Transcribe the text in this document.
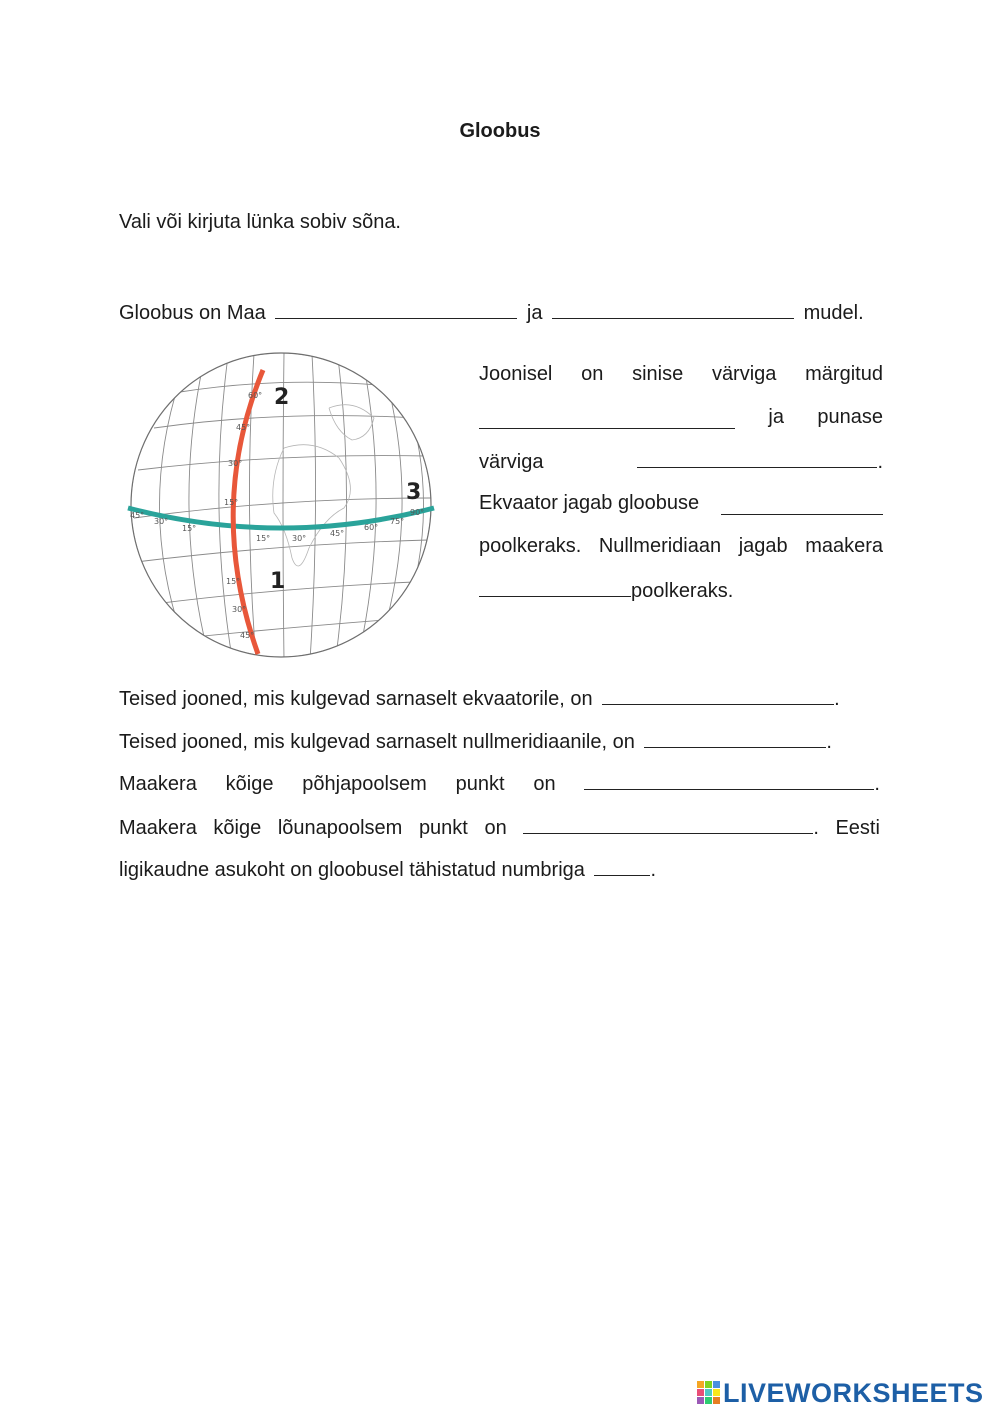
Gloobus
Vali või kirjuta lünka sobiv sõna.
Gloobus on Maa	ja	mudel.
2
3
1
60°
45°
30°
15°
30°
45°
15°
45°
30°
15°
15°	30°
45°
60°
75°
90°
Joonisel on sinise värviga märgitud
ja punase
värviga	.
Ekvaator jagab gloobuse
poolkeraks. Nullmeridiaan jagab maakera
poolkeraks.
Teised jooned, mis kulgevad sarnaselt ekvaatorile, on	.
Teised jooned, mis kulgevad sarnaselt nullmeridiaanile, on	.
Maakera kõige põhjapoolsem punkt on	.
Maakera kõige lõunapoolsem punkt on	. Eesti
ligikaudne asukoht on gloobusel tähistatud numbriga	.
LIVEWORKSHEETS
